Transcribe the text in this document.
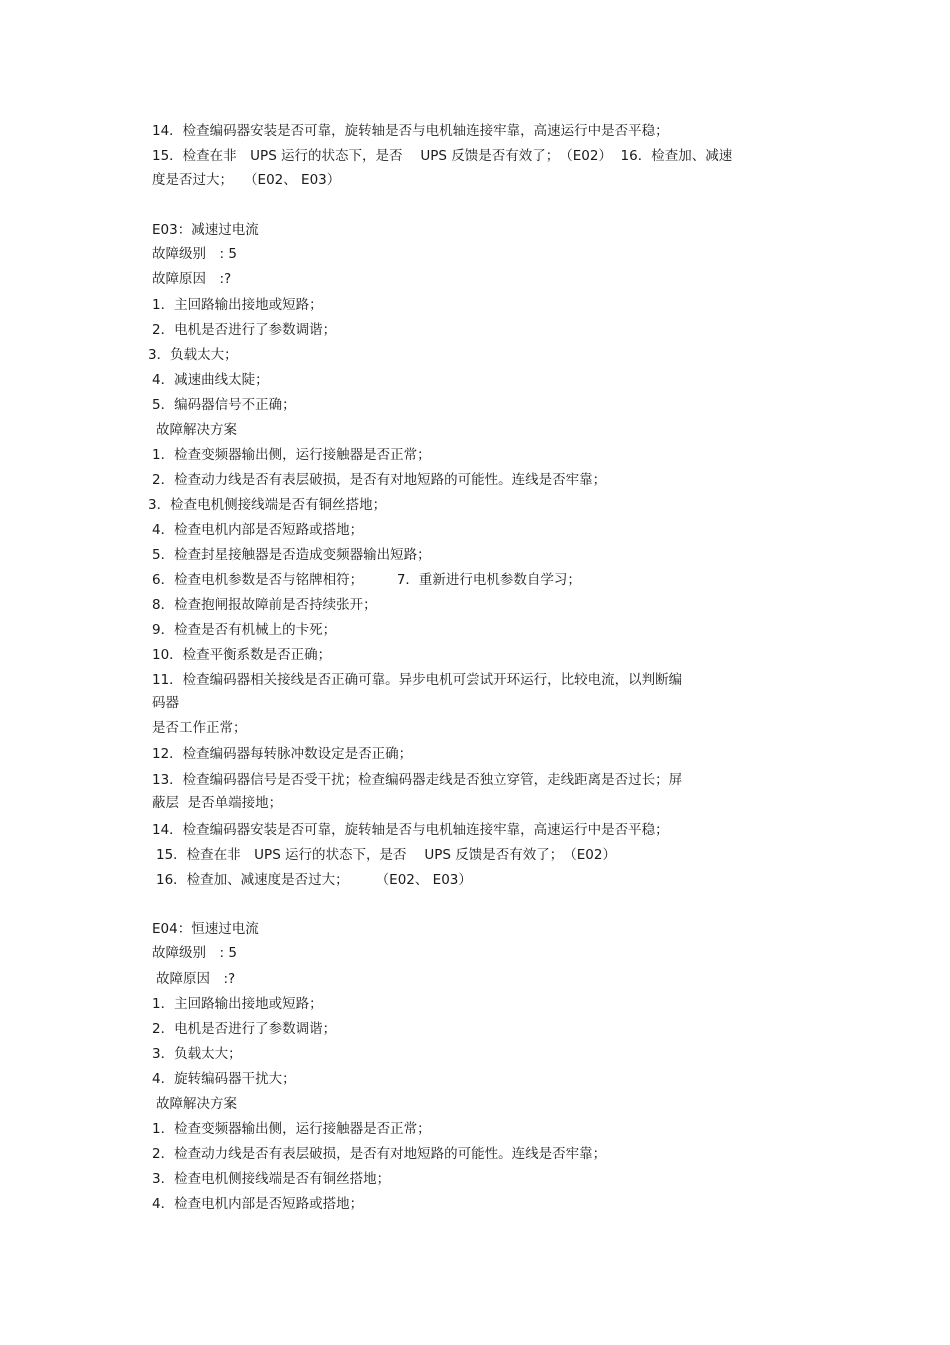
14．检查编码器安装是否可靠，旋转轴是否与电机轴连接牢靠，高速运行中是否平稳；
15．检查在非　UPS 运行的状态下，是否　 UPS 反馈是否有效了；　（E02）  16．检查加、减速
度是否过大；　 （E02、 E03）
E03：减速过电流
故障级别　: 5
故障原因　:?
1．主回路输出接地或短路；
2．电机是否进行了参数调谐；
3．负载太大；
4．减速曲线太陡；
5．编码器信号不正确；
故障解决方案
1．检查变频器输出侧，运行接触器是否正常；
2．检查动力线是否有表层破损，是否有对地短路的可能性。连线是否牢靠；
3．检查电机侧接线端是否有铜丝搭地；
4．检查电机内部是否短路或搭地；
5．检查封星接触器是否造成变频器输出短路；
6．检查电机参数是否与铭牌相符；　　　7．重新进行电机参数自学习；
8．检查抱闸报故障前是否持续张开；
9．检查是否有机械上的卡死；
10．检查平衡系数是否正确；
11．检查编码器相关接线是否正确可靠。异步电机可尝试开环运行，比较电流，以判断编
码器
是否工作正常；
12．检查编码器每转脉冲数设定是否正确；
13．检查编码器信号是否受干扰；检查编码器走线是否独立穿管，走线距离是否过长；屏
蔽层  是否单端接地；
14．检查编码器安装是否可靠，旋转轴是否与电机轴连接牢靠，高速运行中是否平稳；
15．检查在非　UPS 运行的状态下，是否　 UPS 反馈是否有效了；　（E02）
16．检查加、减速度是否过大；　　　（E02、 E03）
E04：恒速过电流
故障级别　: 5
故障原因　:?
1．主回路输出接地或短路；
2．电机是否进行了参数调谐；
3．负载太大；
4．旋转编码器干扰大；
故障解决方案
1．检查变频器输出侧，运行接触器是否正常；
2．检查动力线是否有表层破损，是否有对地短路的可能性。连线是否牢靠；
3．检查电机侧接线端是否有铜丝搭地；
4．检查电机内部是否短路或搭地；
